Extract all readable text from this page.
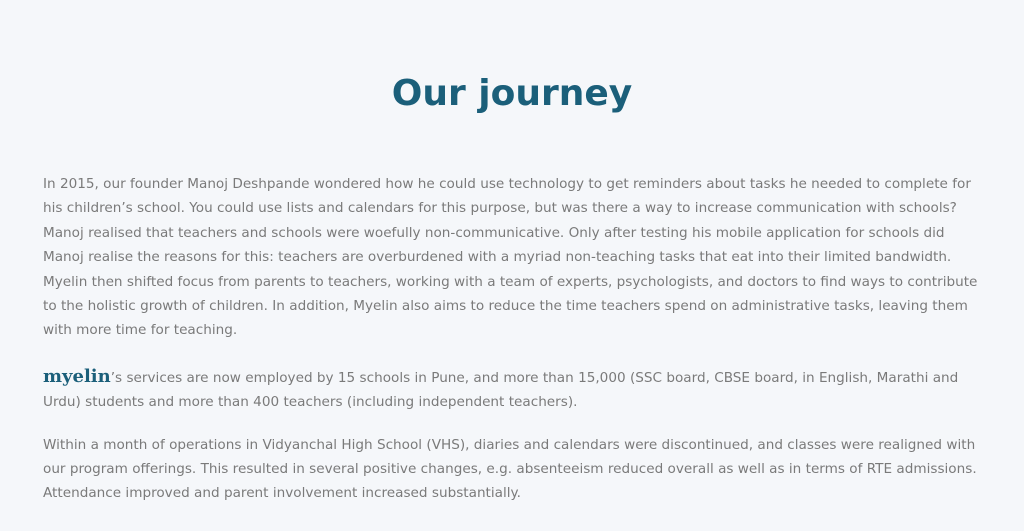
Our journey

In 2015, our founder Manoj Deshpande wondered how he could use technology to get reminders about tasks he needed to complete for his children’s school. You could use lists and calendars for this purpose, but was there a way to increase communication with schools? Manoj realised that teachers and schools were woefully non-communicative. Only after testing his mobile application for schools did Manoj realise the reasons for this: teachers are overburdened with a myriad non-teaching tasks that eat into their limited bandwidth. Myelin then shifted focus from parents to teachers, working with a team of experts, psychologists, and doctors to find ways to contribute to the holistic growth of children. In addition, Myelin also aims to reduce the time teachers spend on administrative tasks, leaving them with more time for teaching.

myelin’s services are now employed by 15 schools in Pune, and more than 15,000 (SSC board, CBSE board, in English, Marathi and Urdu) students and more than 400 teachers (including independent teachers).

Within a month of operations in Vidyanchal High School (VHS), diaries and calendars were discontinued, and classes were realigned with our program offerings. This resulted in several positive changes, e.g. absenteeism reduced overall as well as in terms of RTE admissions. Attendance improved and parent involvement increased substantially.
